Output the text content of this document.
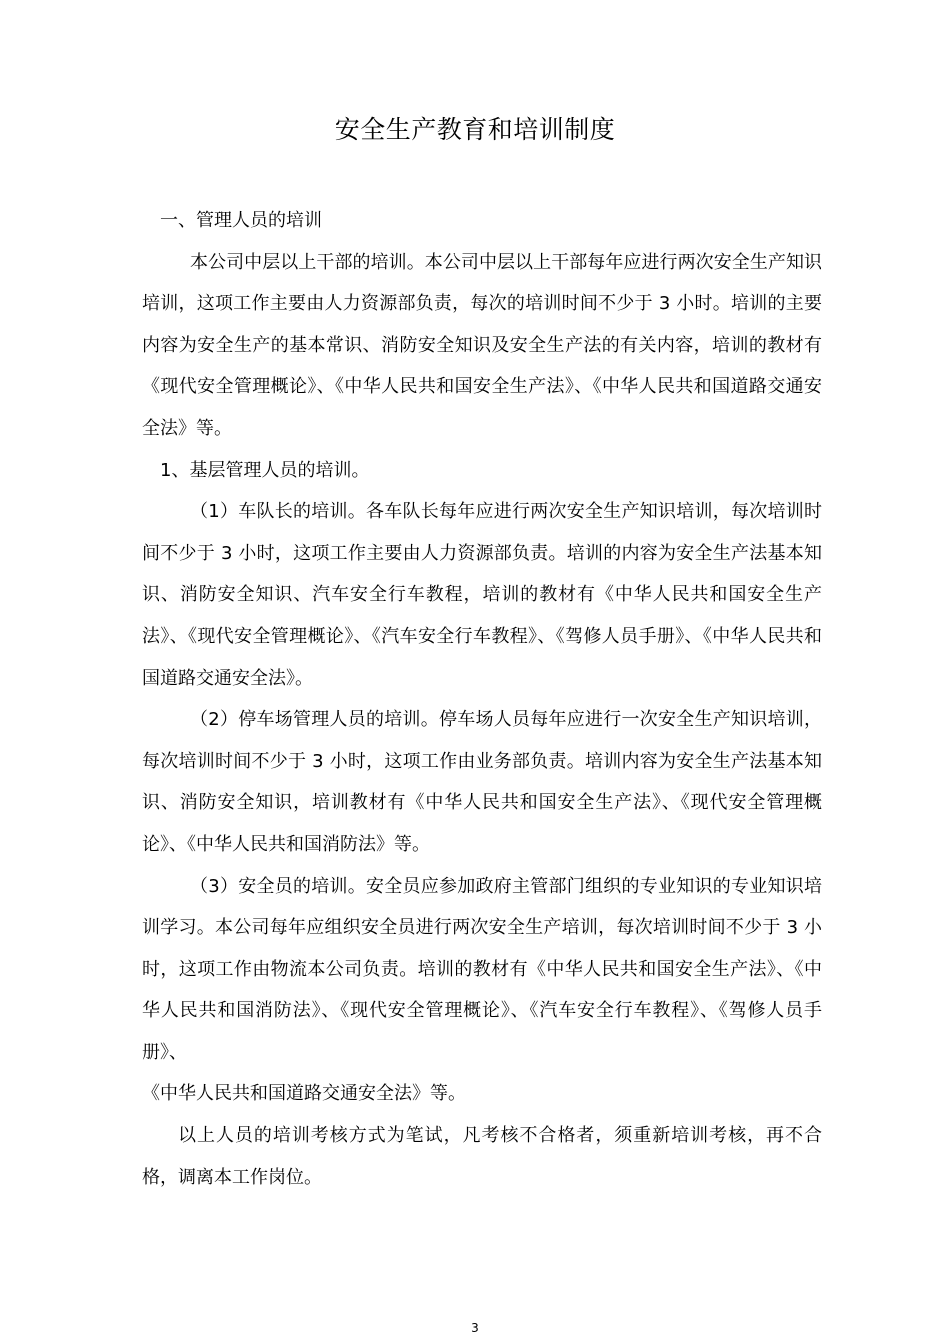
安全生产教育和培训制度

一、管理人员的培训

本公司中层以上干部的培训。本公司中层以上干部每年应进行两次安全生产知识培训，这项工作主要由人力资源部负责，每次的培训时间不少于 3 小时。培训的主要内容为安全生产的基本常识、消防安全知识及安全生产法的有关内容，培训的教材有《现代安全管理概论》、《中华人民共和国安全生产法》、《中华人民共和国道路交通安全法》等。

1、基层管理人员的培训。

（1）车队长的培训。各车队长每年应进行两次安全生产知识培训，每次培训时间不少于 3 小时，这项工作主要由人力资源部负责。培训的内容为安全生产法基本知识、消防安全知识、汽车安全行车教程，培训的教材有《中华人民共和国安全生产法》、《现代安全管理概论》、《汽车安全行车教程》、《驾修人员手册》、《中华人民共和国道路交通安全法》。

（2）停车场管理人员的培训。停车场人员每年应进行一次安全生产知识培训，每次培训时间不少于 3 小时，这项工作由业务部负责。培训内容为安全生产法基本知识、消防安全知识，培训教材有《中华人民共和国安全生产法》、《现代安全管理概论》、《中华人民共和国消防法》等。

（3）安全员的培训。安全员应参加政府主管部门组织的专业知识的专业知识培训学习。本公司每年应组织安全员进行两次安全生产培训，每次培训时间不少于 3 小时，这项工作由物流本公司负责。培训的教材有《中华人民共和国安全生产法》、《中华人民共和国消防法》、《现代安全管理概论》、《汽车安全行车教程》、《驾修人员手册》、

《中华人民共和国道路交通安全法》等。

以上人员的培训考核方式为笔试，凡考核不合格者，须重新培训考核，再不合格，调离本工作岗位。

3
